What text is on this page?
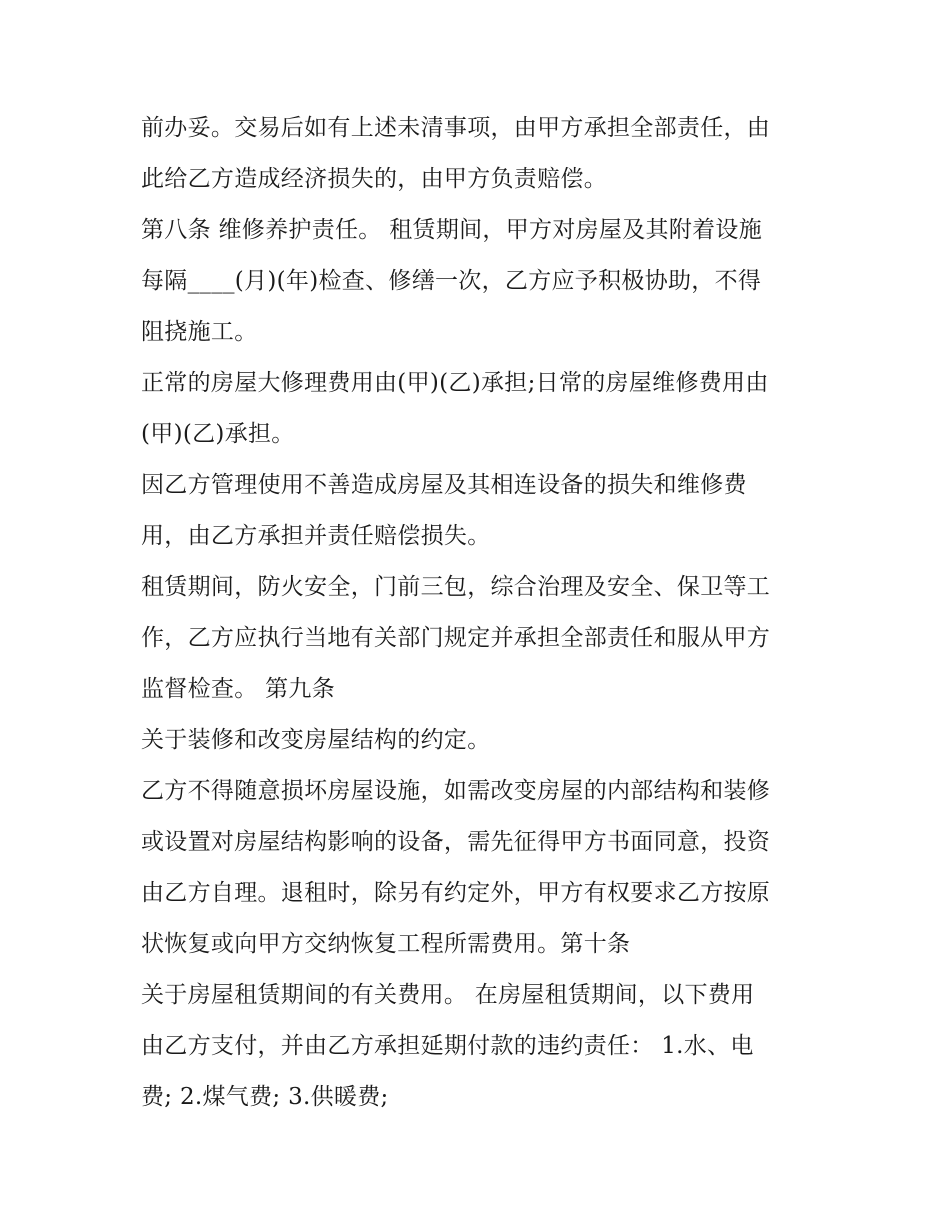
前办妥。交易后如有上述未清事项，由甲方承担全部责任，由
此给乙方造成经济损失的，由甲方负责赔偿。
第八条 维修养护责任。 租赁期间，甲方对房屋及其附着设施
每隔____(月)(年)检查、修缮一次，乙方应予积极协助，不得
阻挠施工。
正常的房屋大修理费用由(甲)(乙)承担;日常的房屋维修费用由
(甲)(乙)承担。
因乙方管理使用不善造成房屋及其相连设备的损失和维修费
用，由乙方承担并责任赔偿损失。
租赁期间，防火安全，门前三包，综合治理及安全、保卫等工
作，乙方应执行当地有关部门规定并承担全部责任和服从甲方
监督检查。 第九条
关于装修和改变房屋结构的约定。
乙方不得随意损坏房屋设施，如需改变房屋的内部结构和装修
或设置对房屋结构影响的设备，需先征得甲方书面同意，投资
由乙方自理。退租时，除另有约定外，甲方有权要求乙方按原
状恢复或向甲方交纳恢复工程所需费用。第十条
关于房屋租赁期间的有关费用。 在房屋租赁期间，以下费用
由乙方支付，并由乙方承担延期付款的违约责任： 1.水、电
费; 2.煤气费; 3.供暖费;
